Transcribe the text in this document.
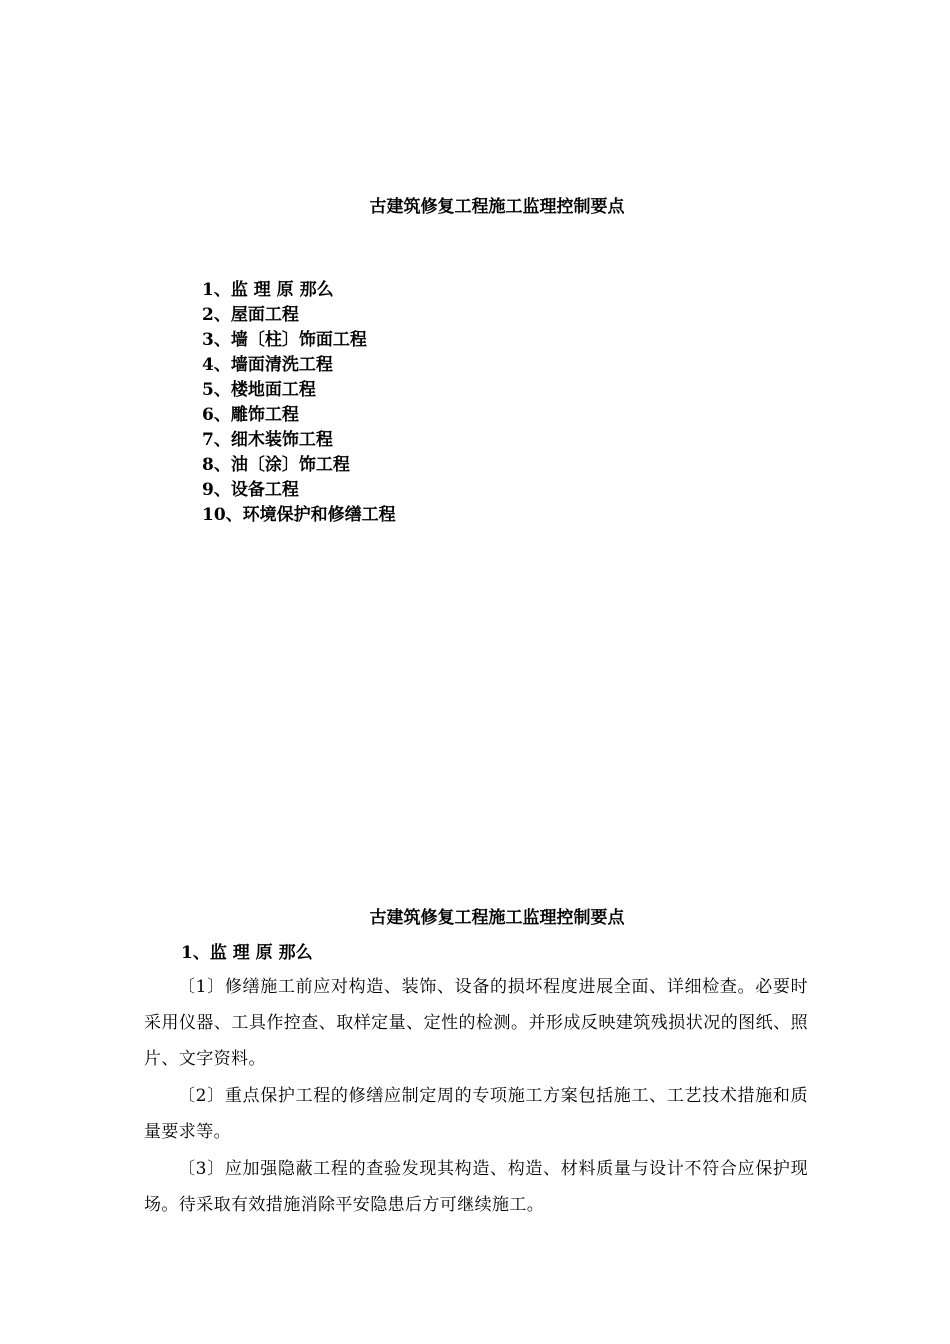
古建筑修复工程施工监理控制要点
1、监 理 原 那么
2、屋面工程
3、墙〔柱〕饰面工程
4、墙面清洗工程
5、楼地面工程
6、雕饰工程
7、细木装饰工程
8、油〔涂〕饰工程
9、设备工程
10、环境保护和修缮工程
古建筑修复工程施工监理控制要点
1、监 理 原 那么

〔1〕修缮施工前应对构造、装饰、设备的损坏程度进展全面、详细检查。必要时采用仪器、工具作控查、取样定量、定性的检测。并形成反映建筑残损状况的图纸、照片、文字资料。

〔2〕重点保护工程的修缮应制定周的专项施工方案包括施工、工艺技术措施和质量要求等。

〔3〕应加强隐蔽工程的查验发现其构造、构造、材料质量与设计不符合应保护现场。待采取有效措施消除平安隐患后方可继续施工。
